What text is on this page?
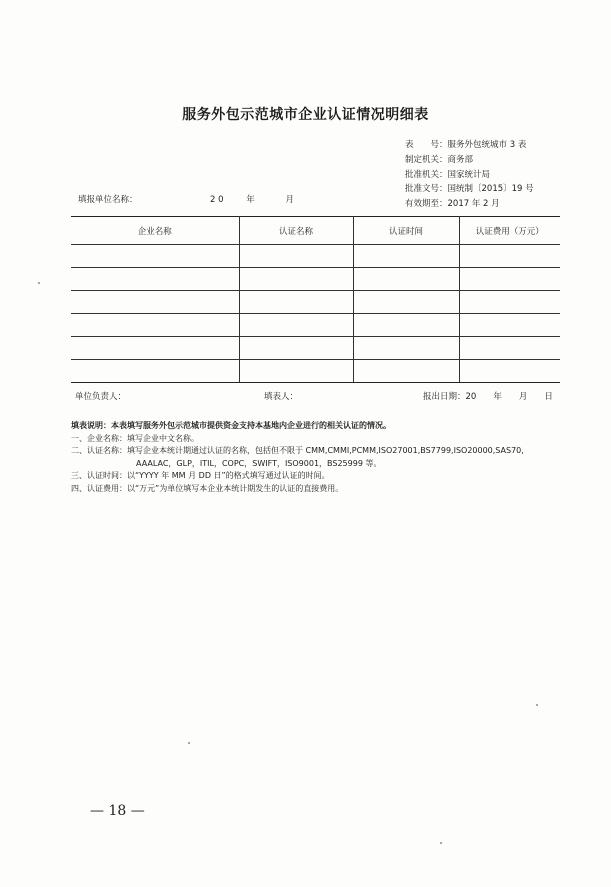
服务外包示范城市企业认证情况明细表
表　　号：服务外包统城市 3 表
制定机关：商务部
批准机关：国家统计局
批准文号：国统制〔2015〕19 号
有效期至：2017 年 2 月
填报单位名称：	2 0	年	月
企业名称	认证名称	认证时间	认证费用（万元）

单位负责人：	填表人：	报出日期：20　　年　　月　　日
填表说明：本表填写服务外包示范城市提供资金支持本基地内企业进行的相关认证的情况。
一、企业名称：填写企业中文名称。
二、认证名称：填写企业本统计期通过认证的名称，包括但不限于 CMM,CMMI,PCMM,ISO27001,BS7799,ISO20000,SAS70,
AAALAC，GLP，ITIL，COPC，SWIFT，ISO9001，BS25999 等。
三、认证时间：以“YYYY 年 MM 月 DD 日”的格式填写通过认证的时间。
四、认证费用：以“万元”为单位填写本企业本统计期发生的认证的直接费用。
— 18 —
